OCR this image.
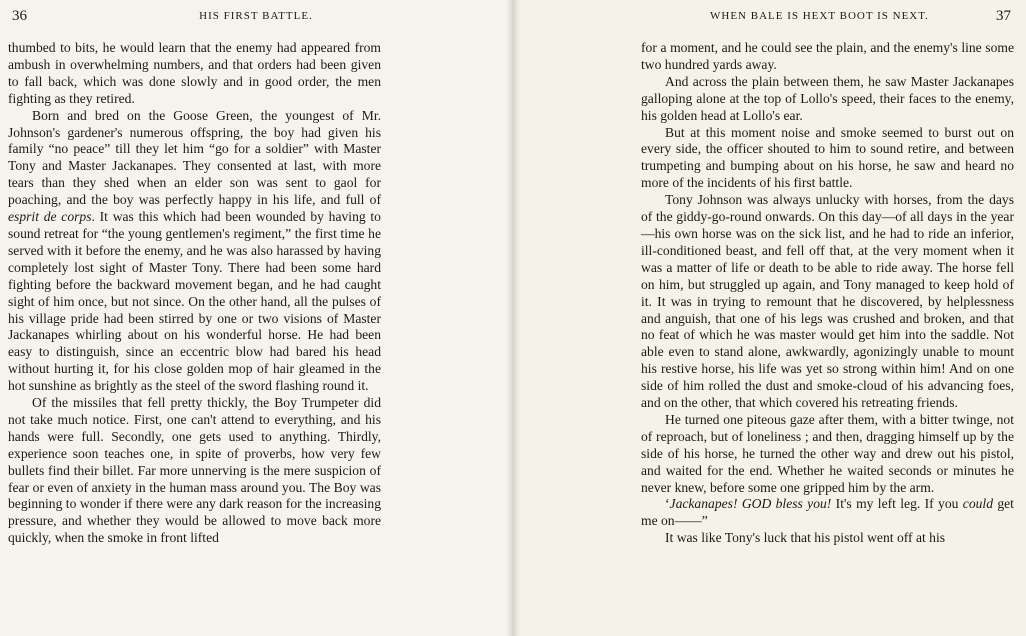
36	HIS FIRST BATTLE.	WHEN BALE IS HEXT BOOT IS NEXT.	37

thumbed to bits, he would learn that the enemy had appeared from ambush in overwhelming numbers, and that orders had been given to fall back, which was done slowly and in good order, the men fighting as they retired.

Born and bred on the Goose Green, the youngest of Mr. Johnson's gardener's numerous offspring, the boy had given his family “no peace” till they let him “go for a soldier” with Master Tony and Master Jackanapes. They consented at last, with more tears than they shed when an elder son was sent to gaol for poaching, and the boy was perfectly happy in his life, and full of esprit de corps. It was this which had been wounded by having to sound retreat for “the young gentlemen's regiment,” the first time he served with it before the enemy, and he was also harassed by having completely lost sight of Master Tony. There had been some hard fighting before the backward movement began, and he had caught sight of him once, but not since. On the other hand, all the pulses of his village pride had been stirred by one or two visions of Master Jackanapes whirling about on his wonderful horse. He had been easy to distinguish, since an eccentric blow had bared his head without hurting it, for his close golden mop of hair gleamed in the hot sunshine as brightly as the steel of the sword flashing round it.

Of the missiles that fell pretty thickly, the Boy Trumpeter did not take much notice. First, one can't attend to everything, and his hands were full. Secondly, one gets used to anything. Thirdly, experience soon teaches one, in spite of proverbs, how very few bullets find their billet. Far more unnerving is the mere suspicion of fear or even of anxiety in the human mass around you. The Boy was beginning to wonder if there were any dark reason for the increasing pressure, and whether they would be allowed to move back more quickly, when the smoke in front lifted

for a moment, and he could see the plain, and the enemy's line some two hundred yards away.

And across the plain between them, he saw Master Jackanapes galloping alone at the top of Lollo's speed, their faces to the enemy, his golden head at Lollo's ear.

But at this moment noise and smoke seemed to burst out on every side, the officer shouted to him to sound retire, and between trumpeting and bumping about on his horse, he saw and heard no more of the incidents of his first battle.

Tony Johnson was always unlucky with horses, from the days of the giddy-go-round onwards. On this day—of all days in the year—his own horse was on the sick list, and he had to ride an inferior, ill-conditioned beast, and fell off that, at the very moment when it was a matter of life or death to be able to ride away. The horse fell on him, but struggled up again, and Tony managed to keep hold of it. It was in trying to remount that he discovered, by helplessness and anguish, that one of his legs was crushed and broken, and that no feat of which he was master would get him into the saddle. Not able even to stand alone, awkwardly, agonizingly unable to mount his restive horse, his life was yet so strong within him! And on one side of him rolled the dust and smoke-cloud of his advancing foes, and on the other, that which covered his retreating friends.

He turned one piteous gaze after them, with a bitter twinge, not of reproach, but of loneliness ; and then, dragging himself up by the side of his horse, he turned the other way and drew out his pistol, and waited for the end. Whether he waited seconds or minutes he never knew, before some one gripped him by the arm.

‘Jackanapes! GOD bless you! It's my left leg. If you could get me on——”

It was like Tony's luck that his pistol went off at his
